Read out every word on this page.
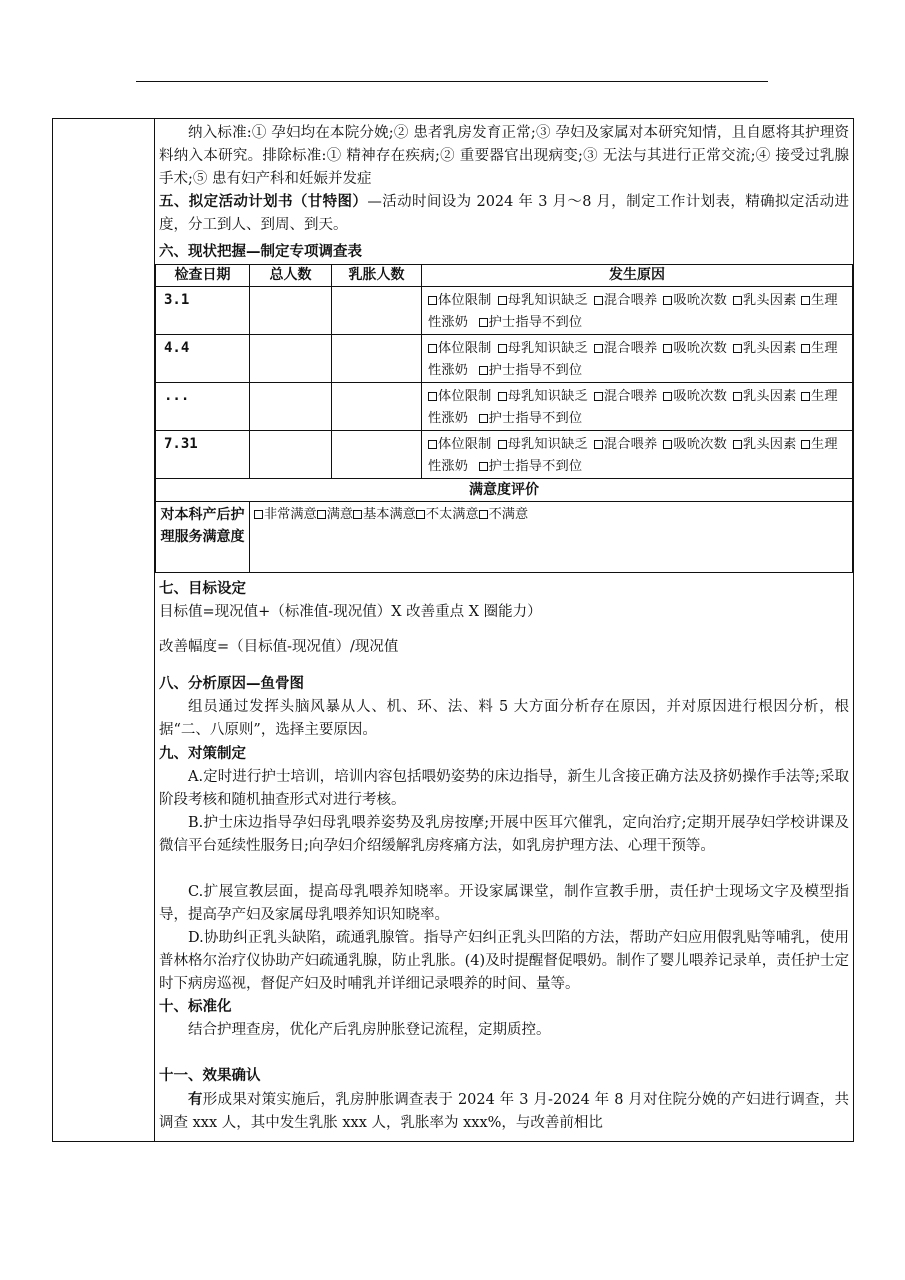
纳入标准:① 孕妇均在本院分娩;② 患者乳房发育正常;③ 孕妇及家属对本研究知情，且自愿将其护理资料纳入本研究。排除标准:① 精神存在疾病;② 重要器官出现病变;③ 无法与其进行正常交流;④ 接受过乳腺手术;⑤ 患有妇产科和妊娠并发症

五、拟定活动计划书（甘特图）—活动时间设为 2024 年 3 月～8 月，制定工作计划表，精确拟定活动进度，分工到人、到周、到天。

六、现状把握—制定专项调查表

检查日期	总人数	乳胀人数	发生原因
3.1			体位限制 母乳知识缺乏 混合喂养 吸吮次数 乳头因素 生理性涨奶 护士指导不到位
4.4			体位限制 母乳知识缺乏 混合喂养 吸吮次数 乳头因素 生理性涨奶 护士指导不到位
...			体位限制 母乳知识缺乏 混合喂养 吸吮次数 乳头因素 生理性涨奶 护士指导不到位
7.31			体位限制 母乳知识缺乏 混合喂养 吸吮次数 乳头因素 生理性涨奶 护士指导不到位
满意度评价			
对本科产后护理服务满意度	非常满意 满意 基本满意 不太满意 不满意		

七、目标设定

目标值=现况值+（标准值-现况值）X 改善重点 X 圈能力）

改善幅度=（目标值-现况值）/现况值

八、分析原因—鱼骨图

组员通过发挥头脑风暴从人、机、环、法、料 5 大方面分析存在原因，并对原因进行根因分析，根据“二、八原则”，选择主要原因。

九、对策制定

A.定时进行护士培训，培训内容包括喂奶姿势的床边指导，新生儿含接正确方法及挤奶操作手法等;采取阶段考核和随机抽查形式对进行考核。

B.护士床边指导孕妇母乳喂养姿势及乳房按摩;开展中医耳穴催乳，定向治疗;定期开展孕妇学校讲课及微信平台延续性服务日;向孕妇介绍缓解乳房疼痛方法，如乳房护理方法、心理干预等。

C.扩展宣教层面，提高母乳喂养知晓率。开设家属课堂，制作宣教手册，责任护士现场文字及模型指导，提高孕产妇及家属母乳喂养知识知晓率。

D.协助纠正乳头缺陷，疏通乳腺管。指导产妇纠正乳头凹陷的方法，帮助产妇应用假乳贴等哺乳，使用普林格尔治疗仪协助产妇疏通乳腺，防止乳胀。(4)及时提醒督促喂奶。制作了婴儿喂养记录单，责任护士定时下病房巡视，督促产妇及时哺乳并详细记录喂养的时间、量等。

十、标准化

结合护理查房，优化产后乳房肿胀登记流程，定期质控。

十一、效果确认

有形成果对策实施后，乳房肿胀调查表于 2024 年 3 月-2024 年 8 月对住院分娩的产妇进行调查，共调查 xxx 人，其中发生乳胀 xxx 人，乳胀率为 xxx%，与改善前相比
